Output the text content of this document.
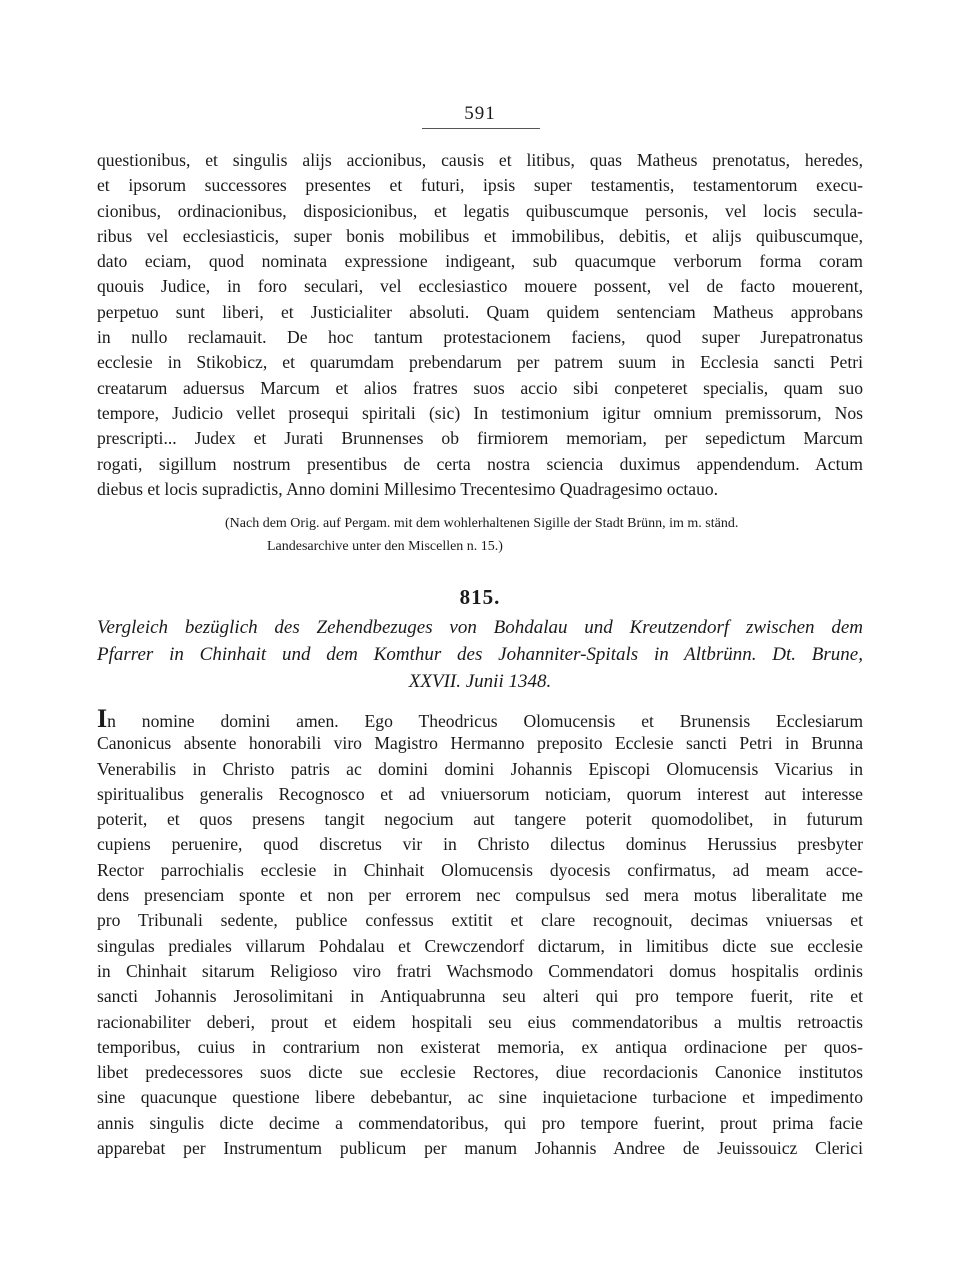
591
questionibus, et singulis alijs accionibus, causis et litibus, quas Matheus prenotatus, heredes,
et ipsorum successores presentes et futuri, ipsis super testamentis, testamentorum execu-
cionibus, ordinacionibus, disposicionibus, et legatis quibuscumque personis, vel locis secula-
ribus vel ecclesiasticis, super bonis mobilibus et immobilibus, debitis, et alijs quibuscumque,
dato eciam, quod nominata expressione indigeant, sub quacumque verborum forma coram
quouis Judice, in foro seculari, vel ecclesiastico mouere possent, vel de facto mouerent,
perpetuo sunt liberi, et Justicialiter absoluti. Quam quidem sentenciam Matheus approbans
in nullo reclamauit. De hoc tantum protestacionem faciens, quod super Jurepatronatus
ecclesie in Stikobicz, et quarumdam prebendarum per patrem suum in Ecclesia sancti Petri
creatarum aduersus Marcum et alios fratres suos accio sibi conpeteret specialis, quam suo
tempore, Judicio vellet prosequi spiritali (sic) In testimonium igitur omnium premissorum, Nos
prescripti... Judex et Jurati Brunnenses ob firmiorem memoriam, per sepedictum Marcum
rogati, sigillum nostrum presentibus de certa nostra sciencia duximus appendendum. Actum
diebus et locis supradictis, Anno domini Millesimo Trecentesimo Quadragesimo octauo.
(Nach dem Orig. auf Pergam. mit dem wohlerhaltenen Sigille der Stadt Brünn, im m. ständ.
Landesarchive unter den Miscellen n. 15.)
815.
Vergleich bezüglich des Zehendbezuges von Bohdalau und Kreutzendorf zwischen dem
Pfarrer in Chinhait und dem Komthur des Johanniter-Spitals in Altbrünn. Dt. Brune,
XXVII. Junii 1348.
In nomine domini amen. Ego Theodricus Olomucensis et Brunensis Ecclesiarum
Canonicus absente honorabili viro Magistro Hermanno preposito Ecclesie sancti Petri in Brunna
Venerabilis in Christo patris ac domini domini Johannis Episcopi Olomucensis Vicarius in
spiritualibus generalis Recognosco et ad vniuersorum noticiam, quorum interest aut interesse
poterit, et quos presens tangit negocium aut tangere poterit quomodolibet, in futurum
cupiens peruenire, quod discretus vir in Christo dilectus dominus Herussius presbyter
Rector parrochialis ecclesie in Chinhait Olomucensis dyocesis confirmatus, ad meam acce-
dens presenciam sponte et non per errorem nec compulsus sed mera motus liberalitate me
pro Tribunali sedente, publice confessus extitit et clare recognouit, decimas vniuersas et
singulas prediales villarum Pohdalau et Crewczendorf dictarum, in limitibus dicte sue ecclesie
in Chinhait sitarum Religioso viro fratri Wachsmodo Commendatori domus hospitalis ordinis
sancti Johannis Jerosolimitani in Antiquabrunna seu alteri qui pro tempore fuerit, rite et
racionabiliter deberi, prout et eidem hospitali seu eius commendatoribus a multis retroactis
temporibus, cuius in contrarium non existerat memoria, ex antiqua ordinacione per quos-
libet predecessores suos dicte sue ecclesie Rectores, diue recordacionis Canonice institutos
sine quacunque questione libere debebantur, ac sine inquietacione turbacione et impedimento
annis singulis dicte decime a commendatoribus, qui pro tempore fuerint, prout prima facie
apparebat per Instrumentum publicum per manum Johannis Andree de Jeuissouicz Clerici
